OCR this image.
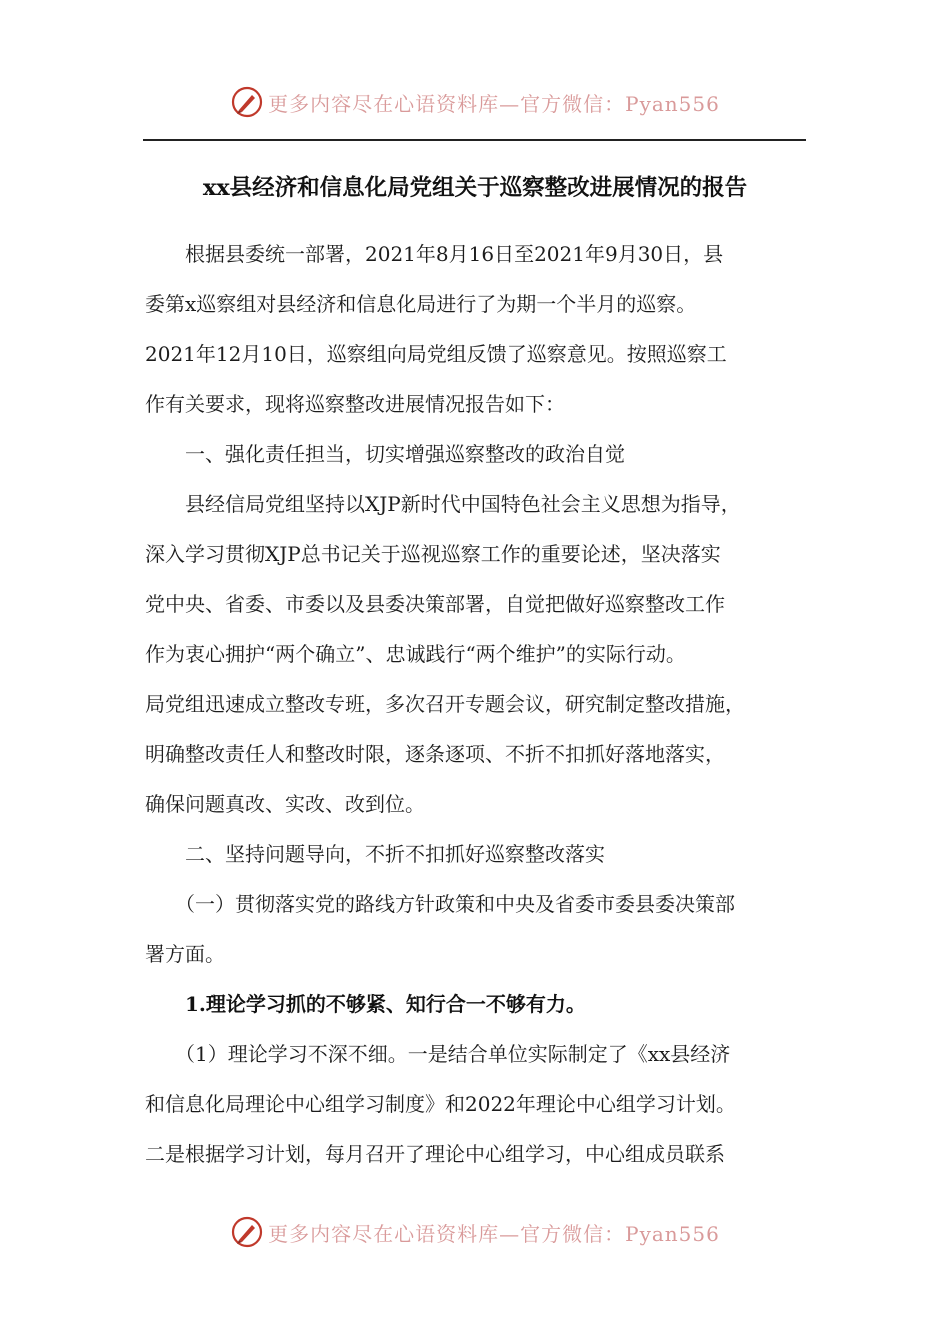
更多内容尽在心语资料库—官方微信：Pyan556
xx县经济和信息化局党组关于巡察整改进展情况的报告
　　根据县委统一部署，2021年8月16日至2021年9月30日，县
委第x巡察组对县经济和信息化局进行了为期一个半月的巡察。
2021年12月10日，巡察组向局党组反馈了巡察意见。按照巡察工
作有关要求，现将巡察整改进展情况报告如下：
　　一、强化责任担当，切实增强巡察整改的政治自觉
　　县经信局党组坚持以XJP新时代中国特色社会主义思想为指导，
深入学习贯彻XJP总书记关于巡视巡察工作的重要论述，坚决落实
党中央、省委、市委以及县委决策部署，自觉把做好巡察整改工作
作为衷心拥护“两个确立”、忠诚践行“两个维护”的实际行动。
局党组迅速成立整改专班，多次召开专题会议，研究制定整改措施，
明确整改责任人和整改时限，逐条逐项、不折不扣抓好落地落实，
确保问题真改、实改、改到位。
　　二、坚持问题导向，不折不扣抓好巡察整改落实
　　（一）贯彻落实党的路线方针政策和中央及省委市委县委决策部
署方面。
　　1.理论学习抓的不够紧、知行合一不够有力。
　　（1）理论学习不深不细。一是结合单位实际制定了《xx县经济
和信息化局理论中心组学习制度》和2022年理论中心组学习计划。
二是根据学习计划，每月召开了理论中心组学习，中心组成员联系
更多内容尽在心语资料库—官方微信：Pyan556
